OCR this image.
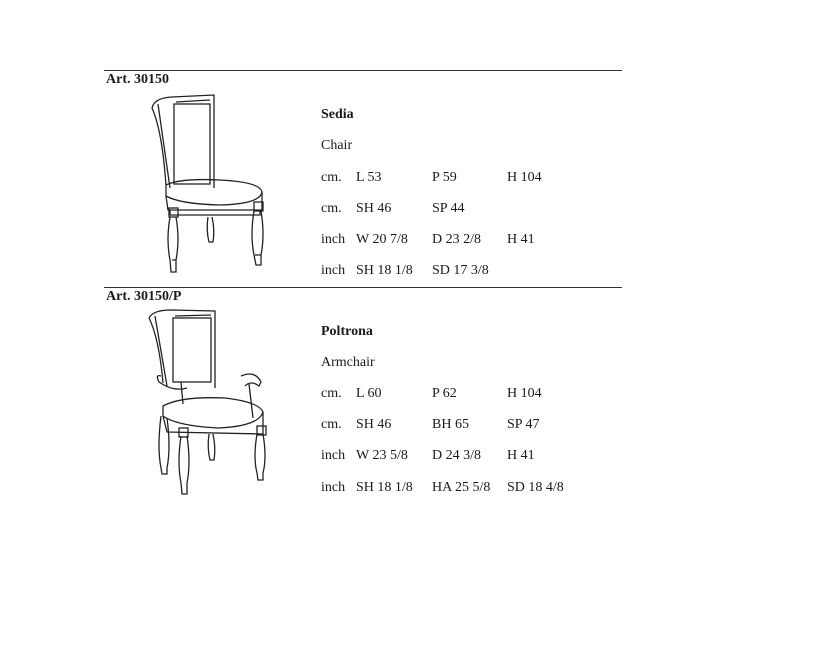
Art. 30150
Sedia
Chair
cm. L 53	P 59	H 104
cm. SH 46	SP 44
inch W 20 7/8 D 23 2/8 H 41
inch SH 18 1/8 SD 17 3/8
Art. 30150/P
Poltrona
Armchair
cm. L 60	P 62	H 104
cm. SH 46	BH 65	SP 47
inch W 23 5/8 D 24 3/8 H 41
inch SH 18 1/8 HA 25 5/8 SD 18 4/8
